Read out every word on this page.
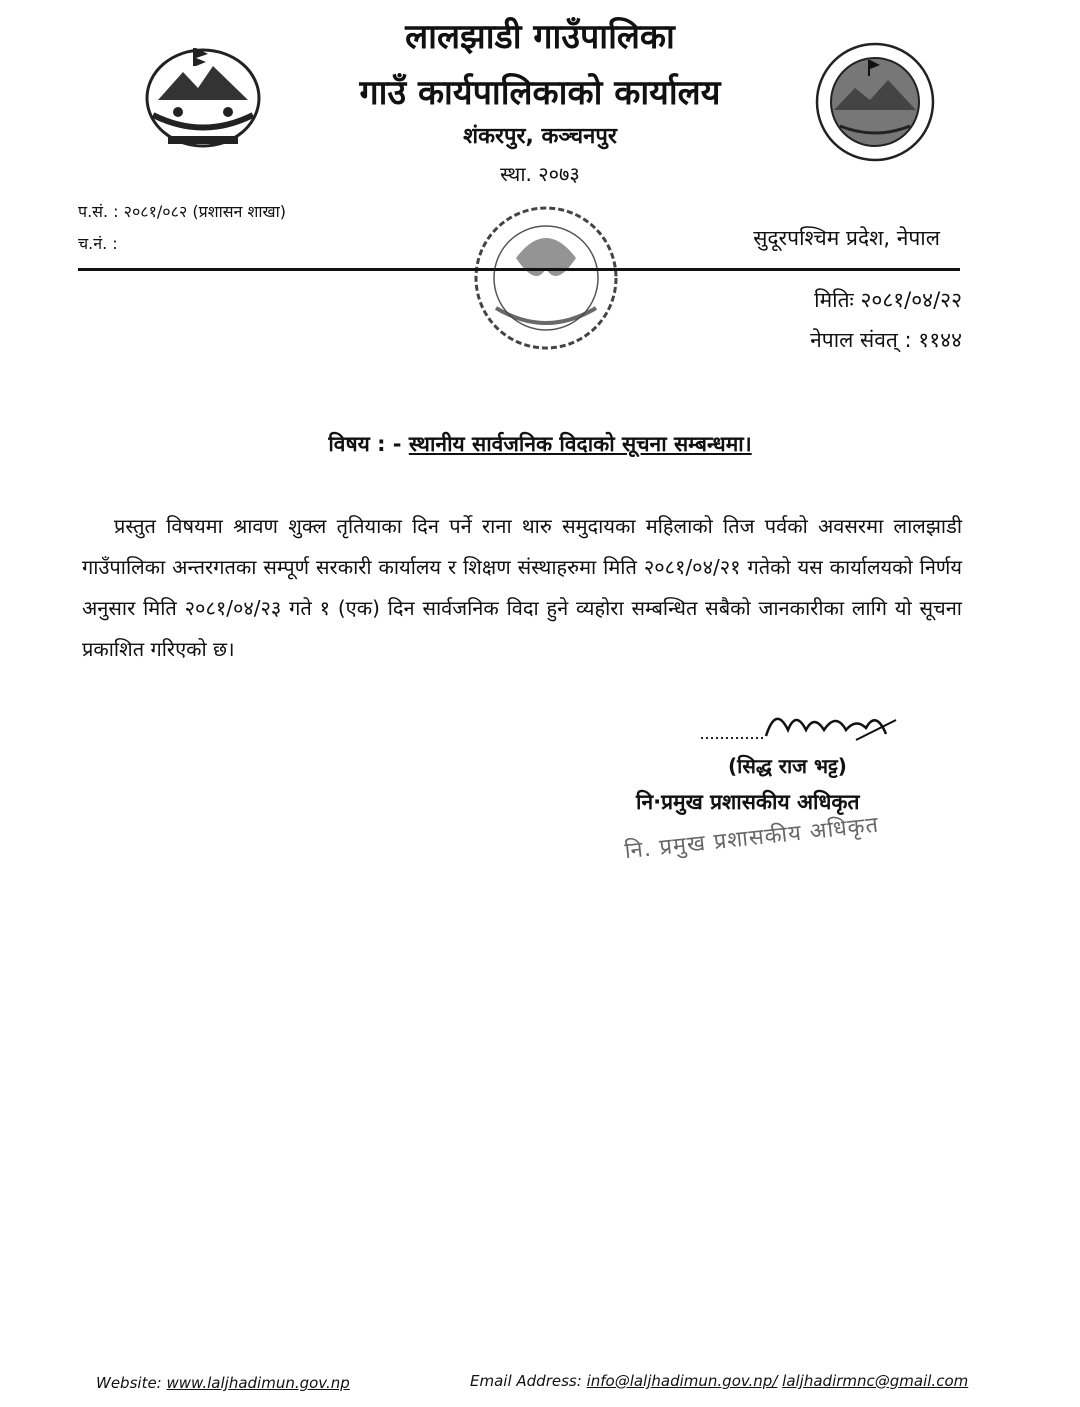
लालझाडी गाउँपालिका
गाउँ कार्यपालिकाको कार्यालय
शंकरपुर, कञ्चनपुर
स्था. २०७३
प.सं. : २०८१/०८२ (प्रशासन शाखा)
च.नं. :	सुदूरपश्चिम प्रदेश, नेपाल
मितिः २०८१/०४/२२
नेपाल संवत् : ११४४
विषय : - स्थानीय सार्वजनिक विदाको सूचना सम्बन्धमा।
प्रस्तुत विषयमा श्रावण शुक्ल तृतियाका दिन पर्ने राना थारु समुदायका महिलाको तिज पर्वको अवसरमा लालझाडी गाउँपालिका अन्तरगतका सम्पूर्ण सरकारी कार्यालय र शिक्षण संस्थाहरुमा मिति २०८१/०४/२१ गतेको यस कार्यालयको निर्णय अनुसार मिति २०८१/०४/२३ गते १ (एक) दिन सार्वजनिक विदा हुने व्यहोरा सम्बन्धित सबैको जानकारीका लागि यो सूचना प्रकाशित गरिएको छ।
(सिद्ध राज भट्ट)
नि·प्रमुख प्रशासकीय अधिकृत
नि. प्रमुख प्रशासकीय अधिकृत
Website: www.laljhadimun.gov.np	Email Address: info@laljhadimun.gov.np/ laljhadirmnc@gmail.com
